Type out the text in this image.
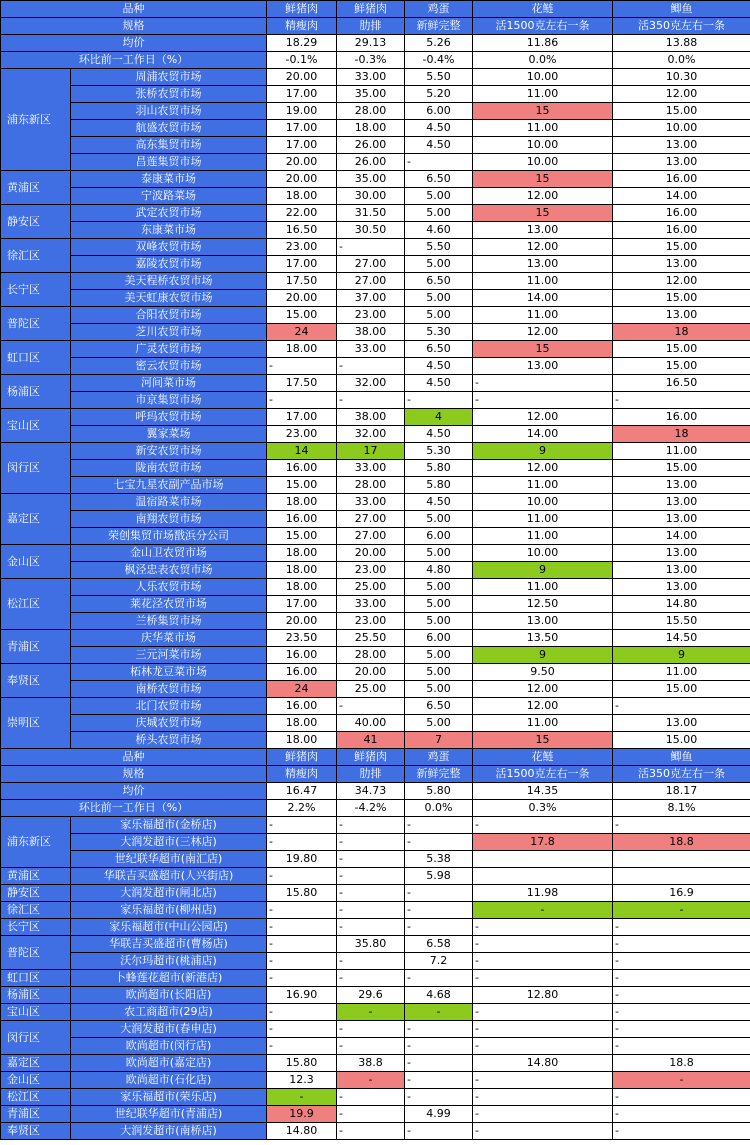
品种		鲜猪肉	鲜猪肉	鸡蛋	花鲢	鲫鱼
规格		精瘦肉	肋排	新鲜完整	活1500克左右一条	活350克左右一条
均价		18.29	29.13	5.26	11.86	13.88
环比前一工作日（%）		-0.1%	-0.3%	-0.4%	0.0%	0.0%
浦东新区	周浦农贸市场	20.00	33.00	5.50	10.00	10.30
	张桥农贸市场	17.00	35.00	5.20	11.00	12.00
	羽山农贸市场	19.00	28.00	6.00	15	15.00
	航盛农贸市场	17.00	18.00	4.50	11.00	10.00
	高东集贸市场	17.00	26.00	4.50	10.00	13.00
	昌莲集贸市场	20.00	26.00	-	10.00	13.00
黄浦区	泰康菜市场	20.00	35.00	6.50	15	16.00
	宁波路菜场	18.00	30.00	5.00	12.00	14.00
静安区	武定农贸市场	22.00	31.50	5.00	15	16.00
	东康菜市场	16.50	30.50	4.60	13.00	16.00
徐汇区	双峰农贸市场	23.00	-	5.50	12.00	15.00
	嘉陵农贸市场	17.00	27.00	5.00	13.00	13.00
长宁区	美天程桥农贸市场	17.50	27.00	6.50	11.00	12.00
	美天虹康农贸市场	20.00	37.00	5.00	14.00	15.00
普陀区	合阳农贸市场	15.00	23.00	5.00	11.00	13.00
	芝川农贸市场	24	38.00	5.30	12.00	18
虹口区	广灵农贸市场	18.00	33.00	6.50	15	15.00
	密云农贸市场	-	-	4.50	13.00	15.00
杨浦区	河间菜市场	17.50	32.00	4.50	-	16.50
	市京集贸市场	-	-	-	-	-
宝山区	呼玛农贸市场	17.00	38.00	4	12.00	16.00
	翼家菜场	23.00	32.00	4.50	14.00	18
闵行区	新安农贸市场	14	17	5.30	9	11.00
	陇南农贸市场	16.00	33.00	5.80	12.00	15.00
	七宝九星农副产品市场	15.00	28.00	5.80	11.00	13.00
嘉定区	温宿路菜市场	18.00	33.00	4.50	10.00	13.00
	南翔农贸市场	16.00	27.00	5.00	11.00	13.00
	荣创集贸市场戬浜分公司	15.00	27.00	6.00	11.00	14.00
金山区	金山卫农贸市场	18.00	20.00	5.00	10.00	13.00
	枫泾忠表农贸市场	18.00	23.00	4.80	9	13.00
松江区	人乐农贸市场	18.00	25.00	5.00	11.00	13.00
	莱花泾农贸市场	17.00	33.00	5.00	12.50	14.80
	兰桥集贸市场	20.00	23.00	5.00	13.00	15.50
青浦区	庆华菜市场	23.50	25.50	6.00	13.50	14.50
	三元河菜市场	16.00	28.00	5.00	9	9
奉贤区	柘林龙豆菜市场	16.00	20.00	5.00	9.50	11.00
	南桥农贸市场	24	25.00	5.00	12.00	15.00
崇明区	北门农贸市场	16.00	-	6.50	12.00	-
	庆城农贸市场	18.00	40.00	5.00	11.00	13.00
	桥头农贸市场	18.00	41	7	15	15.00
品种		鲜猪肉	鲜猪肉	鸡蛋	花鲢	鲫鱼
规格		精瘦肉	肋排	新鲜完整	活1500克左右一条	活350克左右一条
均价		16.47	34.73	5.80	14.35	18.17
环比前一工作日（%）		2.2%	-4.2%	0.0%	0.3%	8.1%
浦东新区	家乐福超市(金桥店)	-	-	-	-	-
	大润发超市(三林店)	-	-	-	17.8	18.8
	世纪联华超市(南汇店)	19.80	-	5.38		
黄浦区	华联吉买盛超市(人兴街店)	-	-	5.98		
静安区	大润发超市(闸北店)	15.80	-	-	11.98	16.9
徐汇区	家乐福超市(柳州店)	-	-	-	-	-
长宁区	家乐福超市(中山公园店)	-	-	-	-	-
普陀区	华联吉买盛超市(曹杨店)	-	35.80	6.58	-	-
	沃尔玛超市(桃浦店)	-	-	7.2	-	-
虹口区	卜蜂莲花超市(新港店)	-	-	-	-	-
杨浦区	欧尚超市(长阳店)	16.90	29.6	4.68	12.80	-
宝山区	农工商超市(29店)	-	-	-	-	-
闵行区	大润发超市(春申店)	-	-	-	-	-
	欧尚超市(闵行店)	-	-	-	-	-
嘉定区	欧尚超市(嘉定店)	15.80	38.8	-	14.80	18.8
金山区	欧尚超市(石化店)	12.3	-	-	-	-
松江区	家乐福超市(荣乐店)	-	-	-	-	-
青浦区	世纪联华超市(青浦店)	19.9	-	4.99	-	-
奉贤区	大润发超市(南桥店)	14.80	-	-	-	-
